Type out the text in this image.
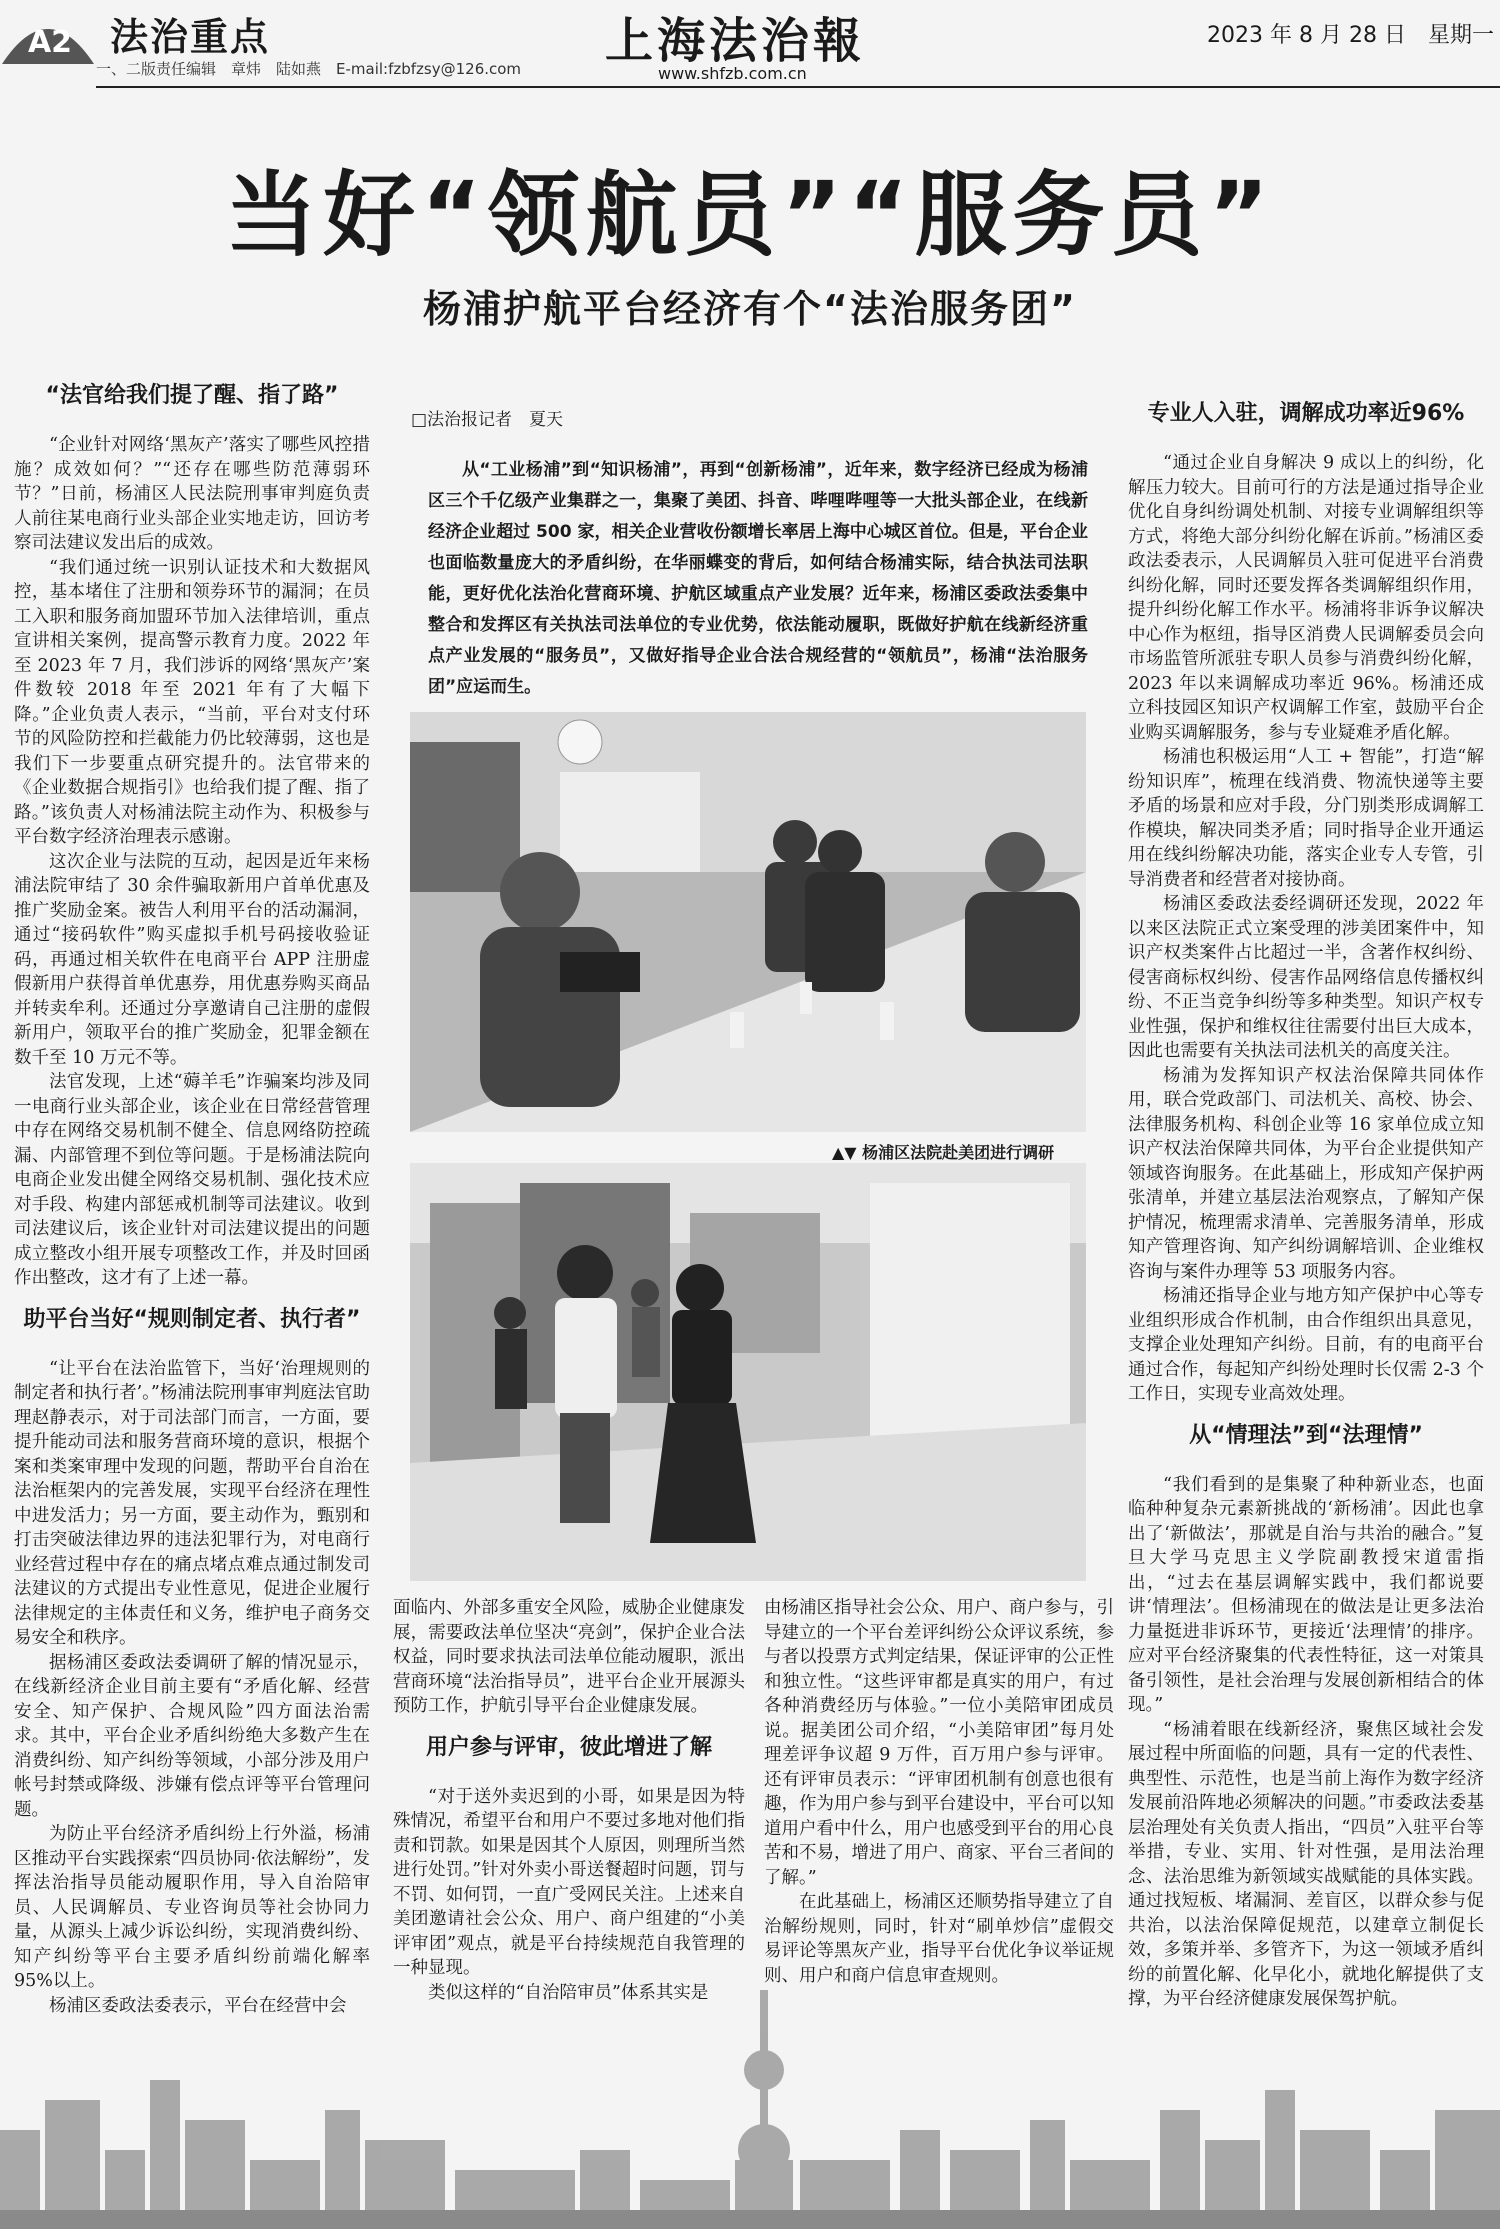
A2 法治重点
一、二版责任编辑　章炜　陆如燕　E-mail:fzbfzsy@126.com 上海法治報
www.shfzb.com.cn
2023 年 8 月 28 日　星期一
当好“领航员”“服务员”
杨浦护航平台经济有个“法治服务团”
“法官给我们提了醒、指了路”

“企业针对网络‘黑灰产’落实了哪些风控措施？成效如何？”“还存在哪些防范薄弱环节？”日前，杨浦区人民法院刑事审判庭负责人前往某电商行业头部企业实地走访，回访考察司法建议发出后的成效。

“我们通过统一识别认证技术和大数据风控，基本堵住了注册和领券环节的漏洞；在员工入职和服务商加盟环节加入法律培训，重点宣讲相关案例，提高警示教育力度。2022 年至 2023 年 7 月，我们涉诉的网络‘黑灰产’案件数较 2018 年至 2021 年有了大幅下降。”企业负责人表示，“当前，平台对支付环节的风险防控和拦截能力仍比较薄弱，这也是我们下一步要重点研究提升的。法官带来的《企业数据合规指引》也给我们提了醒、指了路。”该负责人对杨浦法院主动作为、积极参与平台数字经济治理表示感谢。

这次企业与法院的互动，起因是近年来杨浦法院审结了 30 余件骗取新用户首单优惠及推广奖励金案。被告人利用平台的活动漏洞，通过“接码软件”购买虚拟手机号码接收验证码，再通过相关软件在电商平台 APP 注册虚假新用户获得首单优惠券，用优惠券购买商品并转卖牟利。还通过分享邀请自己注册的虚假新用户，领取平台的推广奖励金，犯罪金额在数千至 10 万元不等。

法官发现，上述“薅羊毛”诈骗案均涉及同一电商行业头部企业，该企业在日常经营管理中存在网络交易机制不健全、信息网络防控疏漏、内部管理不到位等问题。于是杨浦法院向电商企业发出健全网络交易机制、强化技术应对手段、构建内部惩戒机制等司法建议。收到司法建议后，该企业针对司法建议提出的问题成立整改小组开展专项整改工作，并及时回函作出整改，这才有了上述一幕。

助平台当好“规则制定者、执行者”

“让平台在法治监管下，当好‘治理规则的制定者和执行者’。”杨浦法院刑事审判庭法官助理赵静表示，对于司法部门而言，一方面，要提升能动司法和服务营商环境的意识，根据个案和类案审理中发现的问题，帮助平台自治在法治框架内的完善发展，实现平台经济在理性中进发活力；另一方面，要主动作为，甄别和打击突破法律边界的违法犯罪行为，对电商行业经营过程中存在的痛点堵点难点通过制发司法建议的方式提出专业性意见，促进企业履行法律规定的主体责任和义务，维护电子商务交易安全和秩序。

据杨浦区委政法委调研了解的情况显示，在线新经济企业目前主要有“矛盾化解、经营安全、知产保护、合规风险”四方面法治需求。其中，平台企业矛盾纠纷绝大多数产生在消费纠纷、知产纠纷等领域，小部分涉及用户帐号封禁或降级、涉嫌有偿点评等平台管理问题。

为防止平台经济矛盾纠纷上行外溢，杨浦区推动平台实践探索“四员协同·依法解纷”，发挥法治指导员能动履职作用，导入自治陪审员、人民调解员、专业咨询员等社会协同力量，从源头上减少诉讼纠纷，实现消费纠纷、知产纠纷等平台主要矛盾纠纷前端化解率 95%以上。

杨浦区委政法委表示，平台在经营中会

□法治报记者　夏天

从“工业杨浦”到“知识杨浦”，再到“创新杨浦”，近年来，数字经济已经成为杨浦区三个千亿级产业集群之一，集聚了美团、抖音、哔哩哔哩等一大批头部企业，在线新经济企业超过 500 家，相关企业营收份额增长率居上海中心城区首位。但是，平台企业也面临数量庞大的矛盾纠纷，在华丽蝶变的背后，如何结合杨浦实际，结合执法司法职能，更好优化法治化营商环境、护航区域重点产业发展？近年来，杨浦区委政法委集中整合和发挥区有关执法司法单位的专业优势，依法能动履职，既做好护航在线新经济重点产业发展的“服务员”，又做好指导企业合法合规经营的“领航员”，杨浦“法治服务团”应运而生。

▲▼ 杨浦区法院赴美团进行调研

面临内、外部多重安全风险，威胁企业健康发展，需要政法单位坚决“亮剑”，保护企业合法权益，同时要求执法司法单位能动履职，派出营商环境“法治指导员”，进平台企业开展源头预防工作，护航引导平台企业健康发展。

用户参与评审，彼此增进了解

“对于送外卖迟到的小哥，如果是因为特殊情况，希望平台和用户不要过多地对他们指责和罚款。如果是因其个人原因，则理所当然进行处罚。”针对外卖小哥送餐超时问题，罚与不罚、如何罚，一直广受网民关注。上述来自美团邀请社会公众、用户、商户组建的“小美评审团”观点，就是平台持续规范自我管理的一种显现。

类似这样的“自治陪审员”体系其实是

由杨浦区指导社会公众、用户、商户参与，引导建立的一个平台差评纠纷公众评议系统，参与者以投票方式判定结果，保证评审的公正性和独立性。“这些评审都是真实的用户，有过各种消费经历与体验。”一位小美陪审团成员说。据美团公司介绍，“小美陪审团”每月处理差评争议超 9 万件，百万用户参与评审。还有评审员表示：“评审团机制有创意也很有趣，作为用户参与到平台建设中，平台可以知道用户看中什么，用户也感受到平台的用心良苦和不易，增进了用户、商家、平台三者间的了解。”

在此基础上，杨浦区还顺势指导建立了自治解纷规则，同时，针对“刷单炒信”虚假交易评论等黑灰产业，指导平台优化争议举证规则、用户和商户信息审查规则。

专业人入驻，调解成功率近96%

“通过企业自身解决 9 成以上的纠纷，化解压力较大。目前可行的方法是通过指导企业优化自身纠纷调处机制、对接专业调解组织等方式，将绝大部分纠纷化解在诉前。”杨浦区委政法委表示，人民调解员入驻可促进平台消费纠纷化解，同时还要发挥各类调解组织作用，提升纠纷化解工作水平。杨浦将非诉争议解决中心作为枢纽，指导区消费人民调解委员会向市场监管所派驻专职人员参与消费纠纷化解，2023 年以来调解成功率近 96%。杨浦还成立科技园区知识产权调解工作室，鼓励平台企业购买调解服务，参与专业疑难矛盾化解。

杨浦也积极运用“人工 + 智能”，打造“解纷知识库”，梳理在线消费、物流快递等主要矛盾的场景和应对手段，分门别类形成调解工作模块，解决同类矛盾；同时指导企业开通运用在线纠纷解决功能，落实企业专人专管，引导消费者和经营者对接协商。

杨浦区委政法委经调研还发现，2022 年以来区法院正式立案受理的涉美团案件中，知识产权类案件占比超过一半，含著作权纠纷、侵害商标权纠纷、侵害作品网络信息传播权纠纷、不正当竞争纠纷等多种类型。知识产权专业性强，保护和维权往往需要付出巨大成本，因此也需要有关执法司法机关的高度关注。

杨浦为发挥知识产权法治保障共同体作用，联合党政部门、司法机关、高校、协会、法律服务机构、科创企业等 16 家单位成立知识产权法治保障共同体，为平台企业提供知产领域咨询服务。在此基础上，形成知产保护两张清单，并建立基层法治观察点，了解知产保护情况，梳理需求清单、完善服务清单，形成知产管理咨询、知产纠纷调解培训、企业维权咨询与案件办理等 53 项服务内容。

杨浦还指导企业与地方知产保护中心等专业组织形成合作机制，由合作组织出具意见，支撑企业处理知产纠纷。目前，有的电商平台通过合作，每起知产纠纷处理时长仅需 2-3 个工作日，实现专业高效处理。

从“情理法”到“法理情”

“我们看到的是集聚了种种新业态，也面临种种复杂元素新挑战的‘新杨浦’。因此也拿出了‘新做法’，那就是自治与共治的融合。”复旦大学马克思主义学院副教授宋道雷指出，“过去在基层调解实践中，我们都说要讲‘情理法’。但杨浦现在的做法是让更多法治力量挺进非诉环节，更接近‘法理情’的排序。应对平台经济聚集的代表性特征，这一对策具备引领性，是社会治理与发展创新相结合的体现。”

“杨浦着眼在线新经济，聚焦区域社会发展过程中所面临的问题，具有一定的代表性、典型性、示范性，也是当前上海作为数字经济发展前沿阵地必须解决的问题。”市委政法委基层治理处有关负责人指出，“四员”入驻平台等举措，专业、实用、针对性强，是用法治理念、法治思维为新领域实战赋能的具体实践。通过找短板、堵漏洞、差盲区，以群众参与促共治，以法治保障促规范，以建章立制促长效，多策并举、多管齐下，为这一领域矛盾纠纷的前置化解、化早化小，就地化解提供了支撑，为平台经济健康发展保驾护航。
